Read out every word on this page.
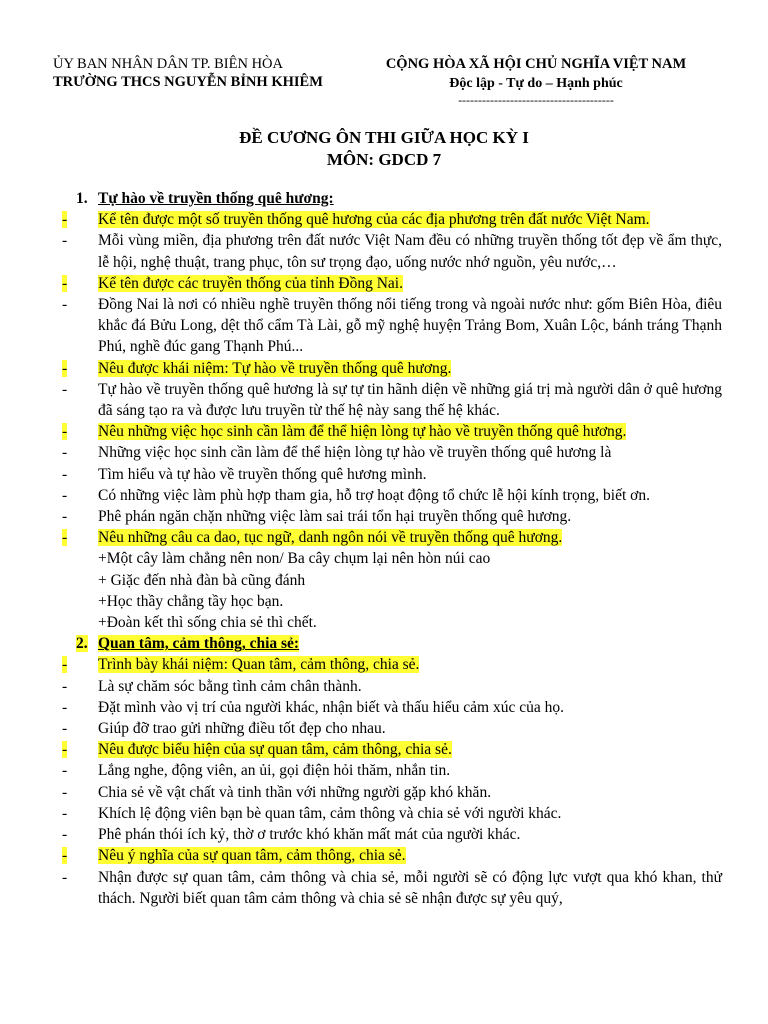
ỦY BAN NHÂN DÂN TP. BIÊN HÒA
TRƯỜNG THCS NGUYỄN BỈNH KHIÊM
CỘNG HÒA XÃ HỘI CHỦ NGHĨA VIỆT NAM
Độc lập - Tự do – Hạnh phúc
---------------------------------------
ĐỀ CƯƠNG ÔN THI GIỮA HỌC KỲ I
MÔN: GDCD 7
1. Tự hào về truyền thống quê hương:
-	Kể tên được một số truyền thống quê hương của các địa phương trên đất nước Việt Nam.
-	Mỗi vùng miền, địa phương trên đất nước Việt Nam đều có những truyền thống tốt đẹp về ẩm thực, lễ hội, nghệ thuật, trang phục, tôn sư trọng đạo, uống nước nhớ nguồn, yêu nước,…
-	Kể tên được các truyền thống của tỉnh Đồng Nai.
-	Đồng Nai là nơi có nhiều nghề truyền thống nổi tiếng trong và ngoài nước như: gốm Biên Hòa, điêu khắc đá Bửu Long, dệt thổ cẩm Tà Lài, gỗ mỹ nghệ huyện Trảng Bom, Xuân Lộc, bánh tráng Thạnh Phú, nghề đúc gang Thạnh Phú...
-	Nêu được khái niệm: Tự hào về truyền thống quê hương.
-	Tự hào về truyền thống quê hương là sự tự tin hãnh diện về những giá trị mà người dân ở quê hương đã sáng tạo ra và được lưu truyền từ thế hệ này sang thế hệ khác.
-	Nêu những việc học sinh cần làm để thể hiện lòng tự hào về truyền thống quê hương.
-	Những việc học sinh cần làm để thể hiện lòng tự hào về truyền thống quê hương là
-	Tìm hiểu và tự hào về truyền thống quê hương mình.
-	Có những việc làm phù hợp tham gia, hỗ trợ hoạt động tổ chức lễ hội kính trọng, biết ơn.
-	Phê phán ngăn chặn những việc làm sai trái tổn hại truyền thống quê hương.
-	Nêu những câu ca dao, tục ngữ, danh ngôn nói về truyền thống quê hương.
+Một cây làm chẳng nên non/ Ba cây chụm lại nên hòn núi cao
+ Giặc đến nhà đàn bà cũng đánh
+Học thầy chẳng tầy học bạn.
+Đoàn kết thì sống chia sẻ thì chết.
2. Quan tâm, cảm thông, chia sẻ:
-	Trình bày khái niệm: Quan tâm, cảm thông, chia sẻ.
-	Là sự chăm sóc bằng tình cảm chân thành.
-	Đặt mình vào vị trí của người khác, nhận biết và thấu hiểu cảm xúc của họ.
-	Giúp đỡ trao gửi những điều tốt đẹp cho nhau.
-	Nêu được biểu hiện của sự quan tâm, cảm thông, chia sẻ.
-	Lắng nghe, động viên, an ủi, gọi điện hỏi thăm, nhắn tin.
-	Chia sẻ về vật chất và tinh thần với những người gặp khó khăn.
-	Khích lệ động viên bạn bè quan tâm, cảm thông và chia sẻ với người khác.
-	Phê phán thói ích kỷ, thờ ơ trước khó khăn mất mát của người khác.
-	Nêu ý nghĩa của sự quan tâm, cảm thông, chia sẻ.
-	Nhận được sự quan tâm, cảm thông và chia sẻ, mỗi người sẽ có động lực vượt qua khó khan, thử thách. Người biết quan tâm cảm thông và chia sẻ sẽ nhận được sự yêu quý,
